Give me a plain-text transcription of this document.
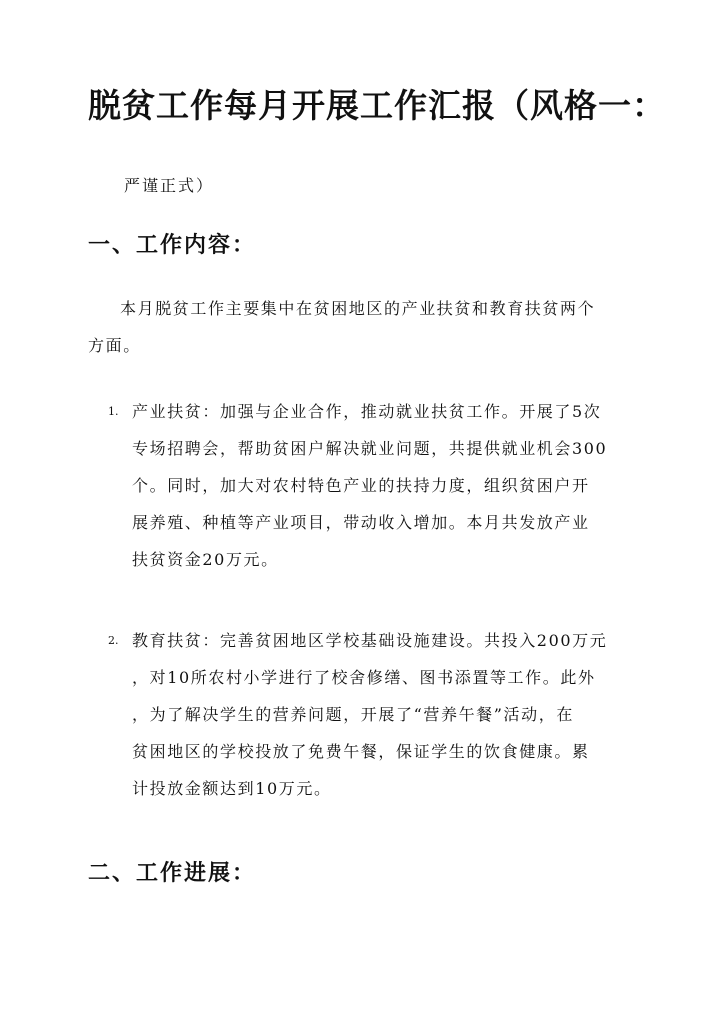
脱贫工作每月开展工作汇报（风格一：
严谨正式）
一、工作内容：
本月脱贫工作主要集中在贫困地区的产业扶贫和教育扶贫两个
方面。
1. 产业扶贫：加强与企业合作，推动就业扶贫工作。开展了5次
专场招聘会，帮助贫困户解决就业问题，共提供就业机会300
个。同时，加大对农村特色产业的扶持力度，组织贫困户开
展养殖、种植等产业项目，带动收入增加。本月共发放产业
扶贫资金20万元。
2. 教育扶贫：完善贫困地区学校基础设施建设。共投入200万元
，对10所农村小学进行了校舍修缮、图书添置等工作。此外
，为了解决学生的营养问题，开展了“营养午餐”活动，在
贫困地区的学校投放了免费午餐，保证学生的饮食健康。累
计投放金额达到10万元。
二、工作进展：
